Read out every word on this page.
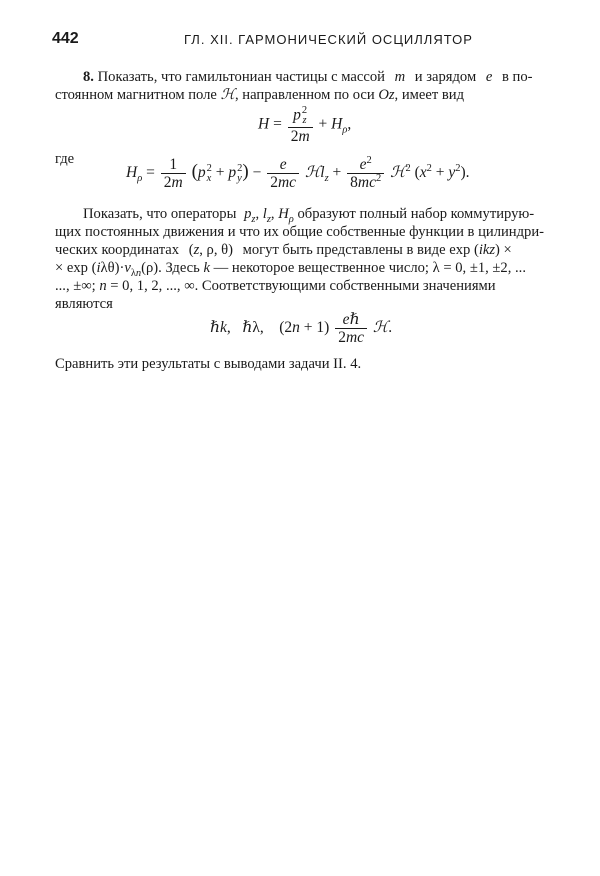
442	ГЛ. XII. ГАРМОНИЧЕСКИЙ ОСЦИЛЛЯТОР
8. Показать, что гамильтониан частицы с массой m и зарядом e в по-
стоянном магнитном поле ℋ, направленном по оси Oz, имеет вид
H = p 2
z
$2m + H_\rho$,
где
$H_\rho = \frac{1}{2m} (p$ 2
x + p 2
y ) − $\frac{e}{2mc}$ ℋl$_z$ + $\frac{e^2}{8mc^2}$ ℋ$^2$ $(x^2 + y^2)$.
Показать, что операторы $p_z$, $l_z$, $H_\rho$ образуют полный набор коммутирую-
щих постоянных движения и что их общие собственные функции в цилиндри-
ческих координатах (z, ρ, θ) могут быть представлены в виде exp (ikz) ×
× $\exp (i\lambda\theta)\cdot v_{\lambda n}(\rho)$. Здесь k — некоторое вещественное число; λ = 0, ±1, ±2, ...
..., ±∞; n = 0, 1, 2, ..., ∞. Соответствующими собственными значениями
являются
ℏk,   ℏλ,    $(2n + 1) \frac{\text{eℏ}}{2mc}$ ℋ.
Сравнить эти результаты с выводами задачи II. 4.
